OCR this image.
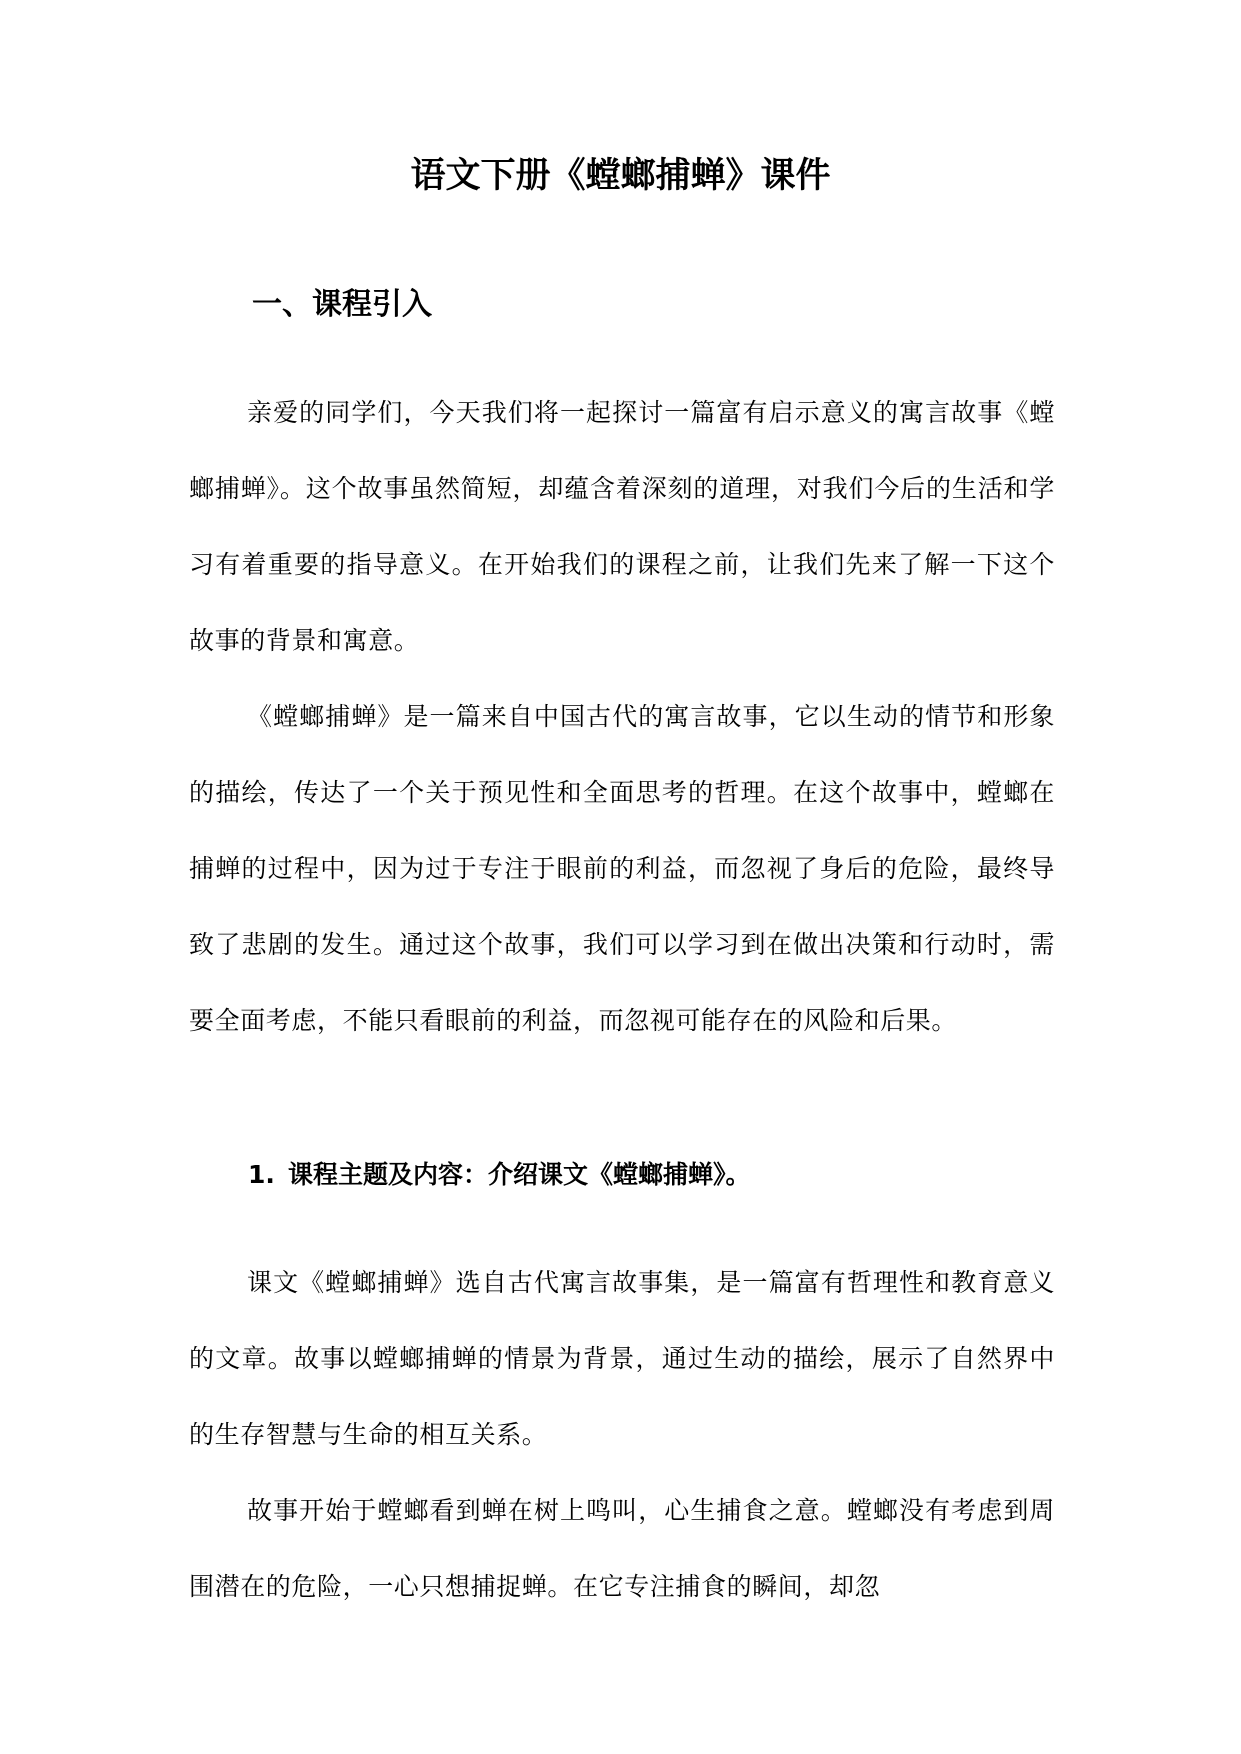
语文下册《螳螂捕蝉》课件
一、课程引入

亲爱的同学们，今天我们将一起探讨一篇富有启示意义的寓言故事《螳螂捕蝉》。这个故事虽然简短，却蕴含着深刻的道理，对我们今后的生活和学习有着重要的指导意义。在开始我们的课程之前，让我们先来了解一下这个故事的背景和寓意。

《螳螂捕蝉》是一篇来自中国古代的寓言故事，它以生动的情节和形象的描绘，传达了一个关于预见性和全面思考的哲理。在这个故事中，螳螂在捕蝉的过程中，因为过于专注于眼前的利益，而忽视了身后的危险，最终导致了悲剧的发生。通过这个故事，我们可以学习到在做出决策和行动时，需要全面考虑，不能只看眼前的利益，而忽视可能存在的风险和后果。

1. 课程主题及内容：介绍课文《螳螂捕蝉》。

课文《螳螂捕蝉》选自古代寓言故事集，是一篇富有哲理性和教育意义的文章。故事以螳螂捕蝉的情景为背景，通过生动的描绘，展示了自然界中的生存智慧与生命的相互关系。

故事开始于螳螂看到蝉在树上鸣叫，心生捕食之意。螳螂没有考虑到周围潜在的危险，一心只想捕捉蝉。在它专注捕食的瞬间，却忽
